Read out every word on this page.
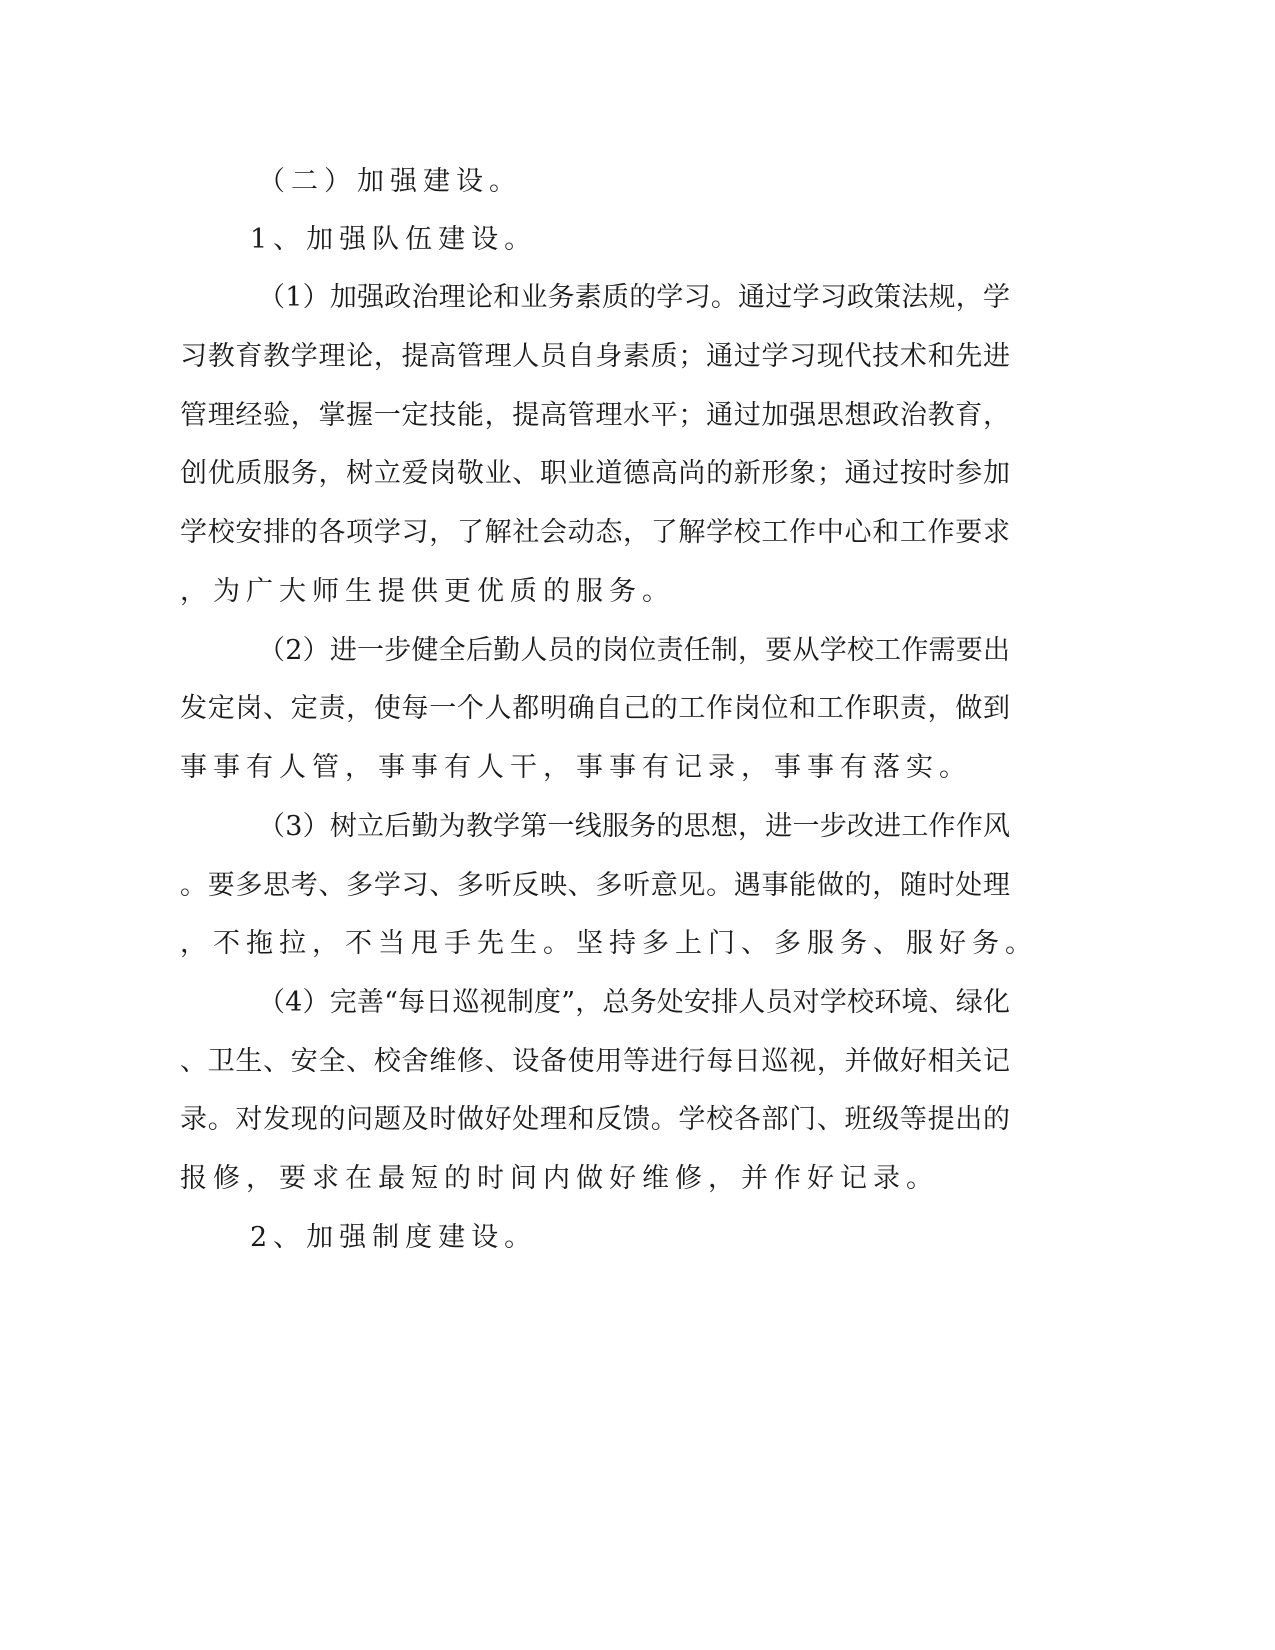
（二）加强建设。
1、加强队伍建设。
（1）加强政治理论和业务素质的学习。通过学习政策法规，学
习教育教学理论，提高管理人员自身素质；通过学习现代技术和先进
管理经验，掌握一定技能，提高管理水平；通过加强思想政治教育，
创优质服务，树立爱岗敬业、职业道德高尚的新形象；通过按时参加
学校安排的各项学习，了解社会动态，了解学校工作中心和工作要求
，为广大师生提供更优质的服务。
（2）进一步健全后勤人员的岗位责任制，要从学校工作需要出
发定岗、定责，使每一个人都明确自己的工作岗位和工作职责，做到
事事有人管，事事有人干，事事有记录，事事有落实。
（3）树立后勤为教学第一线服务的思想，进一步改进工作作风
。要多思考、多学习、多听反映、多听意见。遇事能做的，随时处理
，不拖拉，不当甩手先生。坚持多上门、多服务、服好务。
（4）完善“每日巡视制度”，总务处安排人员对学校环境、绿化
、卫生、安全、校舍维修、设备使用等进行每日巡视，并做好相关记
录。对发现的问题及时做好处理和反馈。学校各部门、班级等提出的
报修，要求在最短的时间内做好维修，并作好记录。
2、加强制度建设。
